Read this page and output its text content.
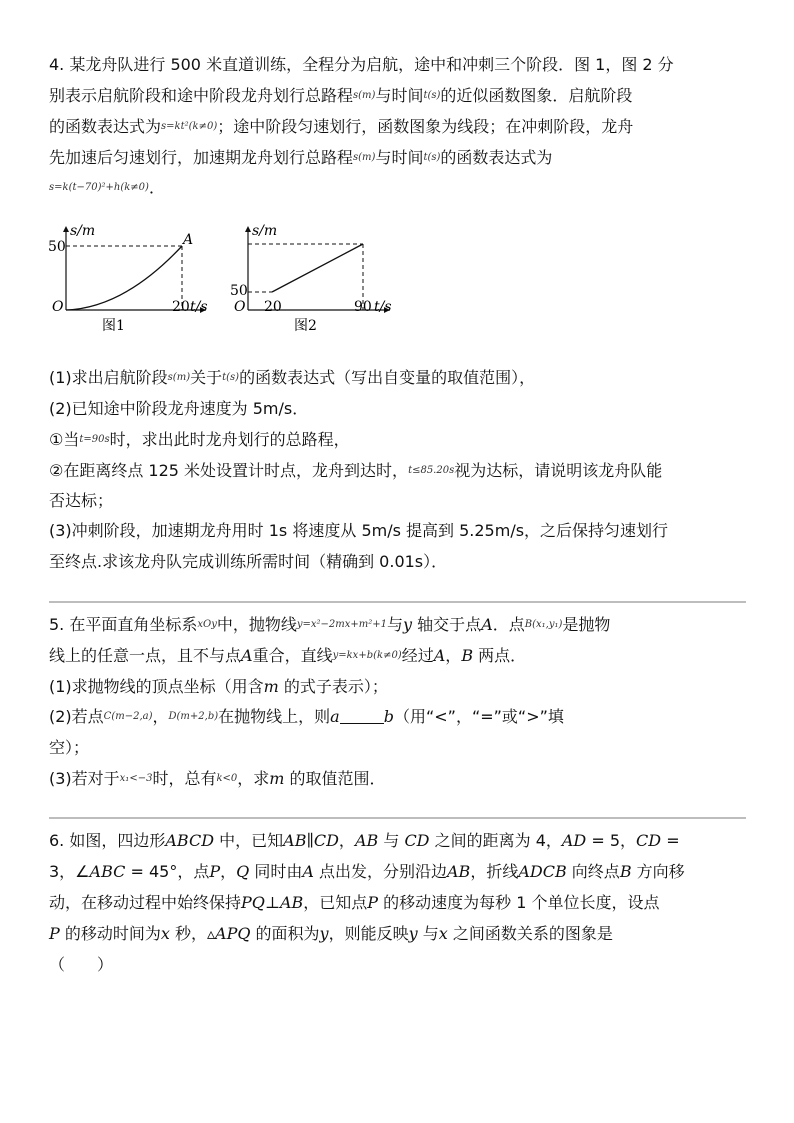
4. 某龙舟队进行 500 米直道训练，全程分为启航，途中和冲刺三个阶段．图 1，图 2 分
别表示启航阶段和途中阶段龙舟划行总路程s(m)与时间t(s)的近似函数图象．启航阶段
的函数表达式为s=kt²(k≠0)；途中阶段匀速划行，函数图象为线段；在冲刺阶段，龙舟
先加速后匀速划行，加速期龙舟划行总路程s(m)与时间t(s)的函数表达式为
s=k(t−70)²+h(k≠0)．
s/m
50
O
A
20 t/s
图1
s/m
50
O 20	90 t/s
图2
(1)求出启航阶段s(m)关于t(s)的函数表达式（写出自变量的取值范围），
(2)已知途中阶段龙舟速度为 5m/s．
①当t=90s时，求出此时龙舟划行的总路程，
②在距离终点 125 米处设置计时点，龙舟到达时，t≤85.20s视为达标，请说明该龙舟队能
否达标；
(3)冲刺阶段，加速期龙舟用时 1s 将速度从 5m/s 提高到 5.25m/s，之后保持匀速划行
至终点.求该龙舟队完成训练所需时间（精确到 0.01s）．
5. 在平面直角坐标系xOy中，抛物线y=x²−2mx+m²+1与y 轴交于点A．点B(x₁,y₁)是抛物
线上的任意一点，且不与点A重合，直线y=kx+b(k≠0)经过A，B 两点．
(1)求抛物线的顶点坐标（用含m 的式子表示）；
(2)若点C(m−2,a)，D(m+2,b)在抛物线上，则a	b（用“<”，“=”或“>”填
空）；
(3)若对于x₁<−3时，总有k<0，求m 的取值范围．
6. 如图，四边形ABCD 中，已知AB∥CD，AB 与 CD 之间的距离为 4，AD = 5，CD =
3，∠ABC = 45°，点P，Q 同时由A 点出发，分别沿边AB，折线ADCB 向终点B 方向移
动，在移动过程中始终保持PQ⊥AB，已知点P 的移动速度为每秒 1 个单位长度，设点
P 的移动时间为x 秒，▵APQ 的面积为y，则能反映y 与x 之间函数关系的图象是
（　　）
